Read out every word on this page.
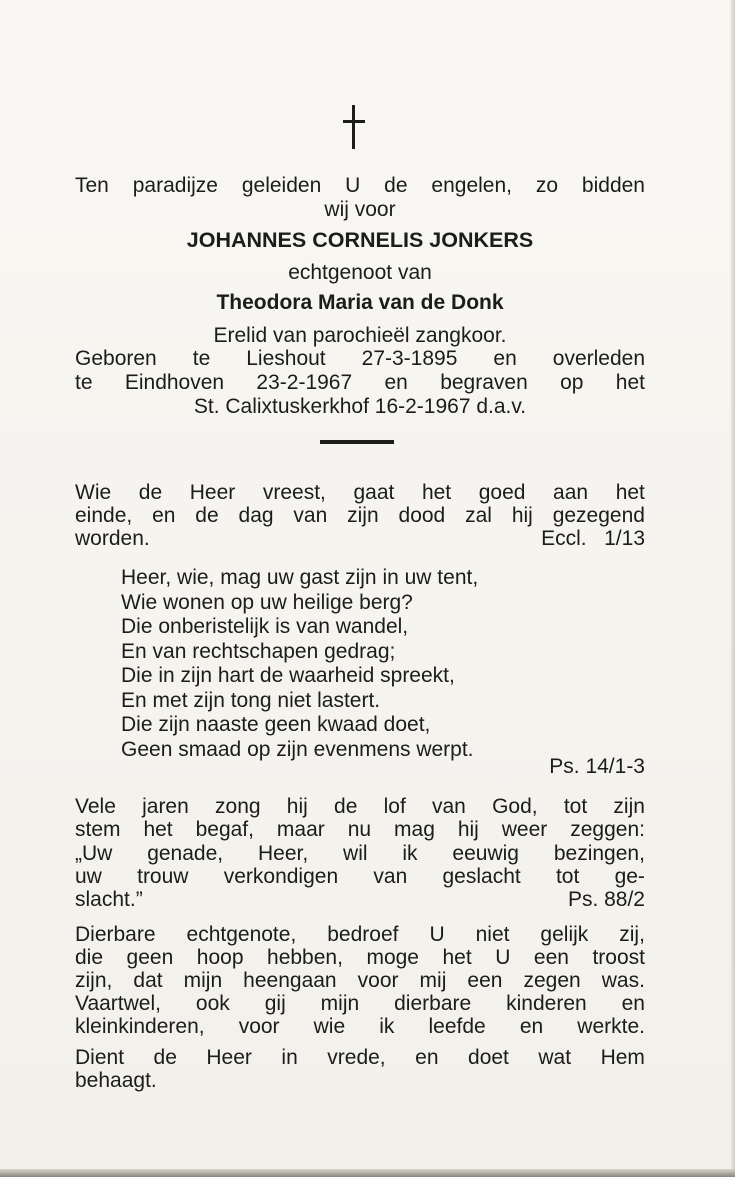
Ten paradijze geleiden U de engelen, zo bidden
wij voor
JOHANNES CORNELIS JONKERS
echtgenoot van
Theodora Maria van de Donk
Erelid van parochieël zangkoor.
Geboren te Lieshout 27-3-1895 en overleden
te Eindhoven 23-2-1967 en begraven op het
St. Calixtuskerkhof 16-2-1967 d.a.v.
Wie de Heer vreest, gaat het goed aan het
einde, en de dag van zijn dood zal hij gezegend
worden.	Eccl.   1/13
Heer, wie, mag uw gast zijn in uw tent,
Wie wonen op uw heilige berg?
Die onberistelijk is van wandel,
En van rechtschapen gedrag;
Die in zijn hart de waarheid spreekt,
En met zijn tong niet lastert.
Die zijn naaste geen kwaad doet,
Geen smaad op zijn evenmens werpt.
Ps. 14/1-3
Vele jaren zong hij de lof van God, tot zijn
stem het begaf, maar nu mag hij weer zeggen:
„Uw genade, Heer, wil ik eeuwig bezingen,
uw trouw verkondigen van geslacht tot ge-
slacht.”	Ps. 88/2
Dierbare echtgenote, bedroef U niet gelijk zij,
die geen hoop hebben, moge het U een troost
zijn, dat mijn heengaan voor mij een zegen was.
Vaartwel, ook gij mijn dierbare kinderen en
kleinkinderen, voor wie ik leefde en werkte.
Dient de Heer in vrede, en doet wat Hem
behaagt.
